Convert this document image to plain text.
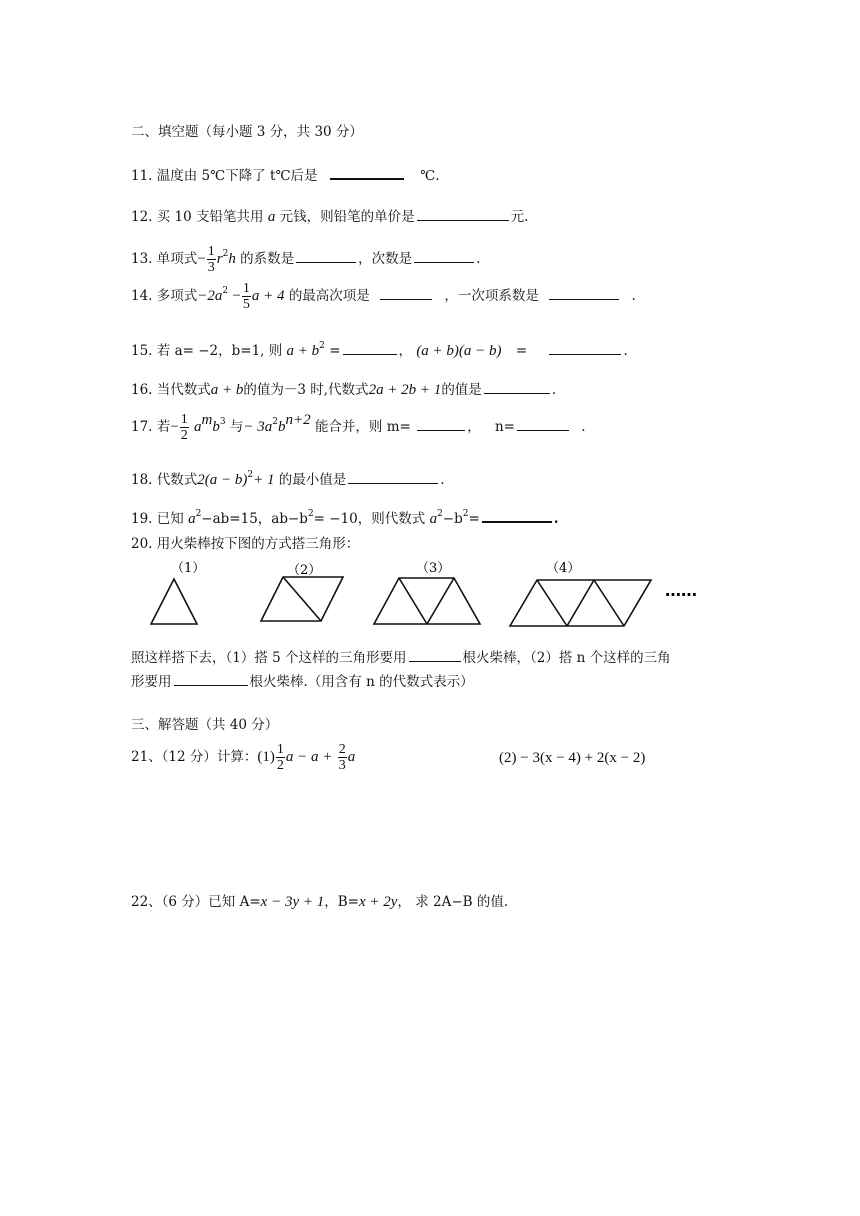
二、填空题（每小题 3 分，共 30 分）
11. 温度由 5℃下降了 t℃后是	℃.
12. 买 10 支铅笔共用 a 元钱，则铅笔的单价是	元.
13. 单项式− $\frac{1}{3} r^2h$ 的系数是	，次数是	.
14. 多项式$-2a^2 - \frac{1}{5}$ a + 4 的最高次项是	，一次项系数是	.
15. 若 a= −2，b=1, 则 $a + b^2$ =	， (a + b)(a − b) =	.
16. 当代数式a + b的值为－3 时,代数式2a + 2b + 1的值是	.
17. 若− $\frac{1}{2} a^mb^3$ 与− $3a^2b^{n+2}$ 能合并，则 m=	， n=	.
18. 代数式$2(a - b)^2+ 1$ 的最小值是	.
19. 已知 $a^2-ab=15$，$ab-b^2= -10$，则代数式 $a^2-b^2=$	.
20. 用火柴棒按下图的方式搭三角形：
（1）	（2）	（3）	（4）
……
照这样搭下去，（1）搭 5 个这样的三角形要用	根火柴棒，（2）搭 n 个这样的三角
形要用	根火柴棒.（用含有 n 的代数式表示）
三、解答题（共 40 分）
21、（12 分）计算：$(1) \frac{1}{2}$ $a - a + \frac{2}{3}$ a	(2) − 3(x − 4) + 2(x − 2)
22、（6 分）已知 A=x − 3y + 1，B=x + 2y， 求 2A−B 的值.
